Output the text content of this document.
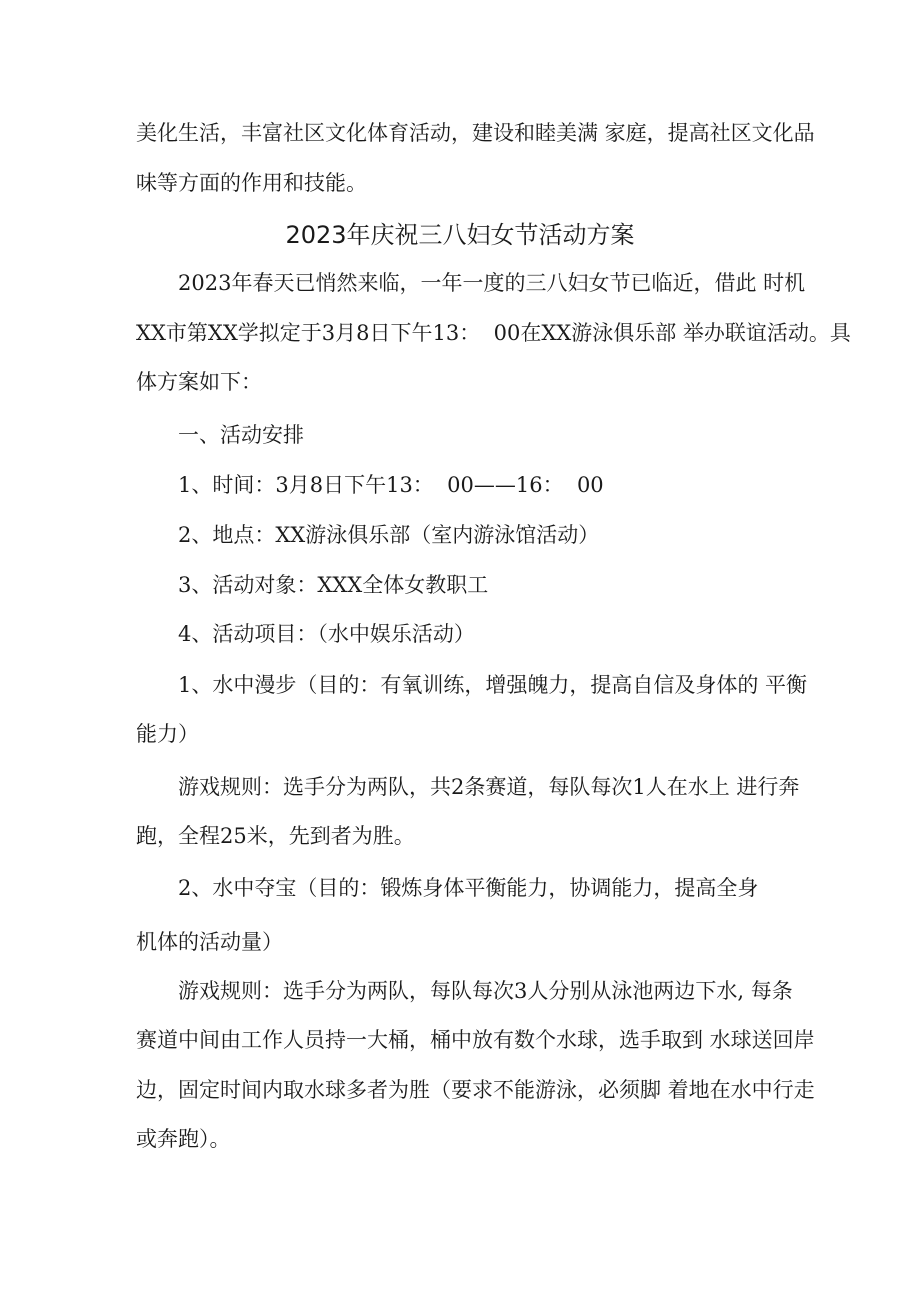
美化生活，丰富社区文化体育活动，建设和睦美满 家庭，提高社区文化品
味等方面的作用和技能。
2023年庆祝三八妇女节活动方案
2023年春天已悄然来临，一年一度的三八妇女节已临近，借此 时机
XX市第XX学拟定于3月8日下午13：  00在XX游泳俱乐部 举办联谊活动。具
体方案如下：
一、活动安排
1、时间：3月8日下午13：  00——16：  00
2、地点：XX游泳俱乐部（室内游泳馆活动）
3、活动对象：XXX全体女教职工
4、活动项目：（水中娱乐活动）
1、水中漫步（目的：有氧训练，增强魄力，提高自信及身体的 平衡
能力）
游戏规则：选手分为两队，共2条赛道，每队每次1人在水上 进行奔
跑，全程25米，先到者为胜。
2、水中夺宝（目的：锻炼身体平衡能力，协调能力，提高全身
机体的活动量）
游戏规则：选手分为两队，每队每次3人分别从泳池两边下水, 每条
赛道中间由工作人员持一大桶，桶中放有数个水球，选手取到 水球送回岸
边，固定时间内取水球多者为胜（要求不能游泳，必须脚 着地在水中行走
或奔跑）。
